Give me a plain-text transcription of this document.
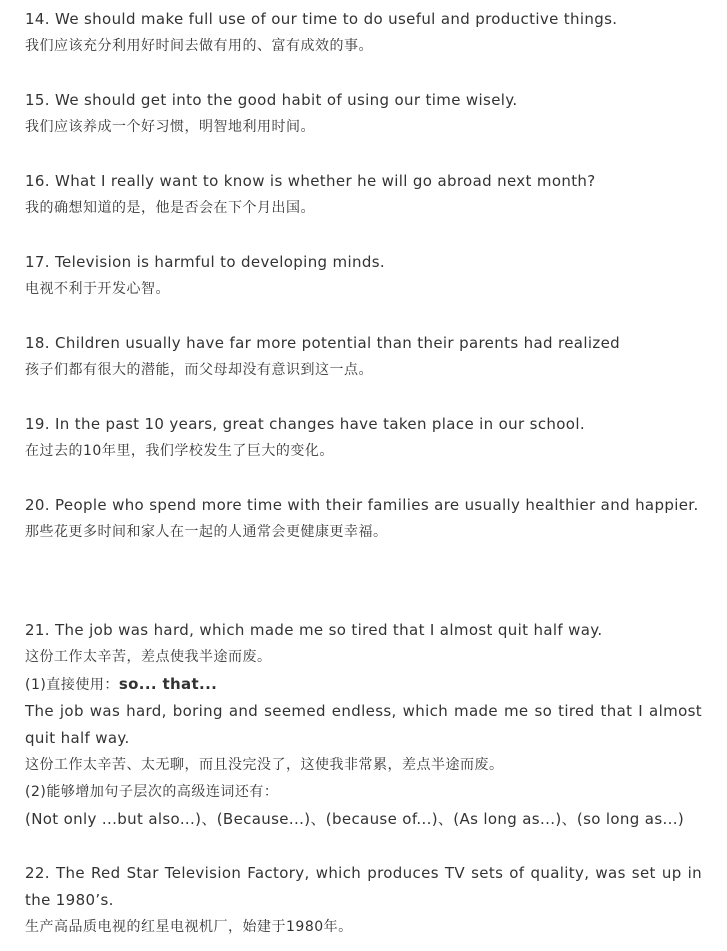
14. We should make full use of our time to do useful and productive things.
我们应该充分利用好时间去做有用的、富有成效的事。
15. We should get into the good habit of using our time wisely.
我们应该养成一个好习惯，明智地利用时间。
16. What I really want to know is whether he will go abroad next month?
我的确想知道的是，他是否会在下个月出国。
17. Television is harmful to developing minds.
电视不利于开发心智。
18. Children usually have far more potential than their parents had realized
孩子们都有很大的潜能，而父母却没有意识到这一点。
19. In the past 10 years, great changes have taken place in our school.
在过去的10年里，我们学校发生了巨大的变化。
20. People who spend more time with their families are usually healthier and happier.
那些花更多时间和家人在一起的人通常会更健康更幸福。
21. The job was hard, which made me so tired that I almost quit half way.
这份工作太辛苦，差点使我半途而废。
(1)直接使用：so... that...
The job was hard, boring and seemed endless, which made me so tired that I almost
quit half way.
这份工作太辛苦、太无聊，而且没完没了，这使我非常累，差点半途而废。
(2)能够增加句子层次的高级连词还有：
(Not only ...but also...)、(Because...)、(because of...)、(As long as...)、(so long as...)
22. The Red Star Television Factory, which produces TV sets of quality, was set up in
the 1980’s.
生产高品质电视的红星电视机厂，始建于1980年。
